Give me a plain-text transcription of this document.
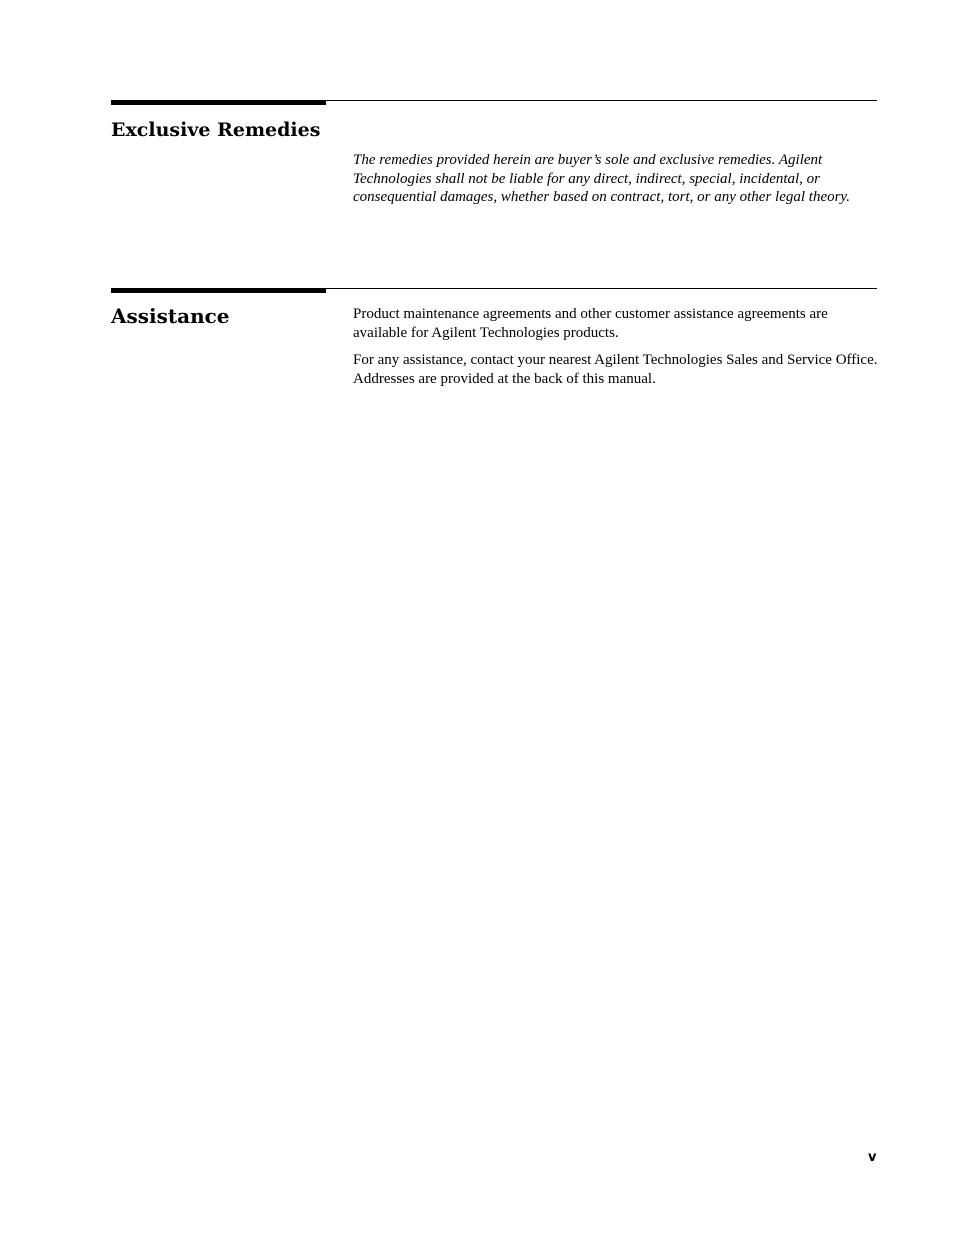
Exclusive Remedies

The remedies provided herein are buyer’s sole and exclusive remedies. Agilent Technologies shall not be liable for any direct, indirect, special, incidental, or consequential damages, whether based on contract, tort, or any other legal theory.

Assistance	Product maintenance agreements and other customer assistance agreements are available for Agilent Technologies products.

For any assistance, contact your nearest Agilent Technologies Sales and Service Office. Addresses are provided at the back of this manual.

v
